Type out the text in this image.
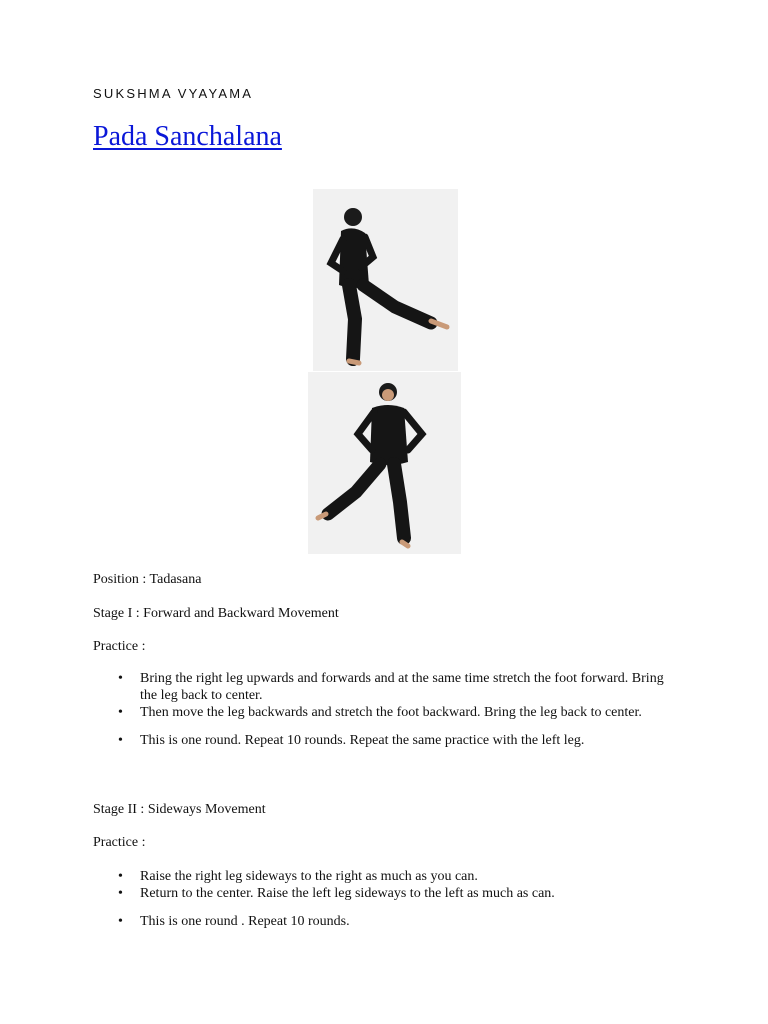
SUKSHMA VYAYAMA
Pada Sanchalana

Position : Tadasana

Stage I : Forward and Backward Movement

Practice :

• Bring the right leg upwards and forwards and at the same time stretch the foot forward. Bring the leg back to center.
• Then move the leg backwards and stretch the foot backward. Bring the leg back to center.
• This is one round. Repeat 10 rounds. Repeat the same practice with the left leg.

Stage II : Sideways Movement

Practice :

• Raise the right leg sideways to the right as much as you can.
• Return to the center. Raise the left leg sideways to the left as much as can.
• This is one round . Repeat 10 rounds.
